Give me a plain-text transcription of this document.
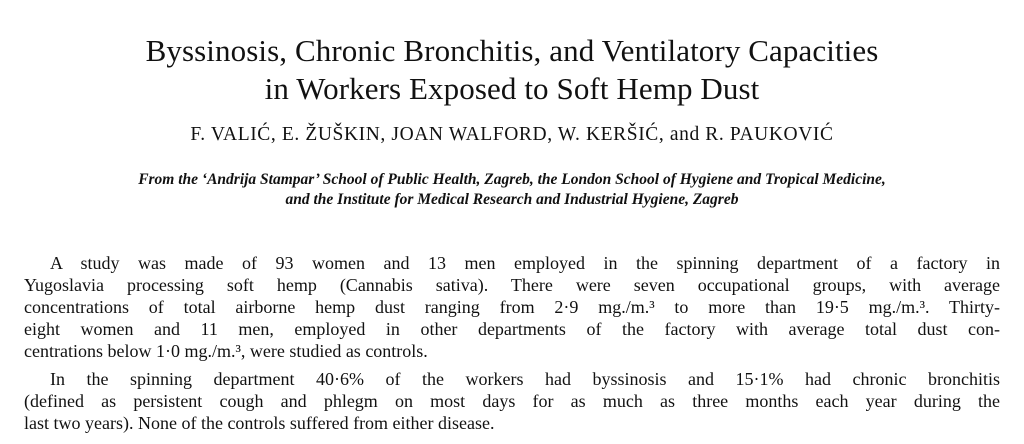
Byssinosis, Chronic Bronchitis, and Ventilatory Capacities
in Workers Exposed to Soft Hemp Dust
F. VALIĆ, E. ŽUŠKIN, JOAN WALFORD, W. KERŠIĆ, and R. PAUKOVIĆ
From the ‘Andrija Stampar’ School of Public Health, Zagreb, the London School of Hygiene and Tropical Medicine,
and the Institute for Medical Research and Industrial Hygiene, Zagreb
A study was made of 93 women and 13 men employed in the spinning department of a factory in
Yugoslavia processing soft hemp (Cannabis sativa). There were seven occupational groups, with average
concentrations of total airborne hemp dust ranging from 2·9 mg./m.³ to more than 19·5 mg./m.³. Thirty-
eight women and 11 men, employed in other departments of the factory with average total dust con-
centrations below 1·0 mg./m.³, were studied as controls.
In the spinning department 40·6% of the workers had byssinosis and 15·1% had chronic bronchitis
(defined as persistent cough and phlegm on most days for as much as three months each year during the
last two years). None of the controls suffered from either disease.
